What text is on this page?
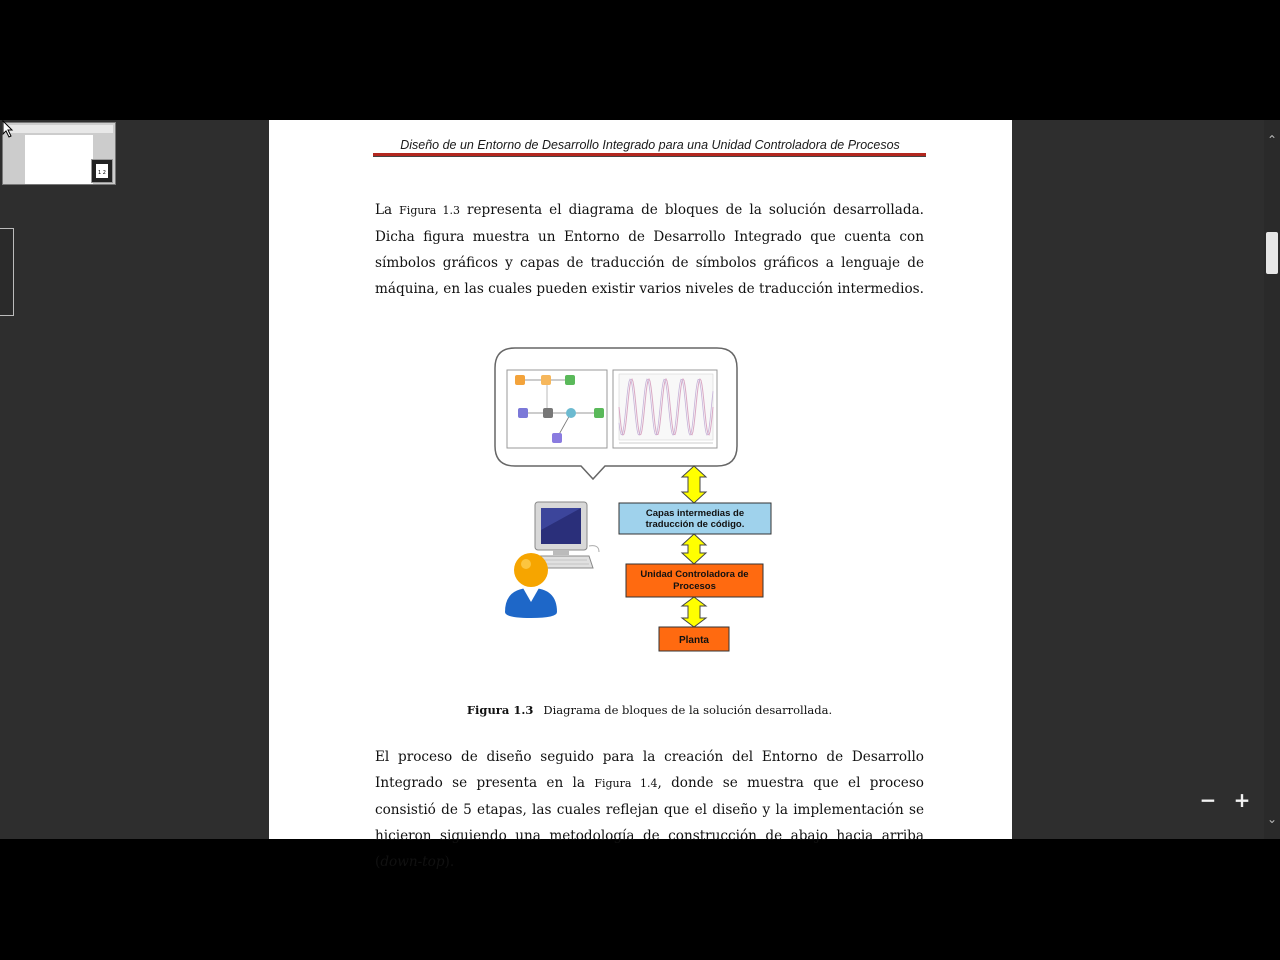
1 2
Diseño de un Entorno de Desarrollo Integrado para una Unidad Controladora de Procesos

La Figura 1.3 representa el diagrama de bloques de la solución desarrollada. Dicha figura muestra un Entorno de Desarrollo Integrado que cuenta con símbolos gráficos y capas de traducción de símbolos gráficos a lenguaje de máquina, en las cuales pueden existir varios niveles de traducción intermedios.

Capas intermedias de traducción de código.
Unidad Controladora de Procesos
Planta
Figura 1.3 Diagrama de bloques de la solución desarrollada.

El proceso de diseño seguido para la creación del Entorno de Desarrollo Integrado se presenta en la Figura 1.4, donde se muestra que el proceso consistió de 5 etapas, las cuales reflejan que el diseño y la implementación se hicieron siguiendo una metodología de construcción de abajo hacia arriba (down-top).

⌃
⌄
− +
